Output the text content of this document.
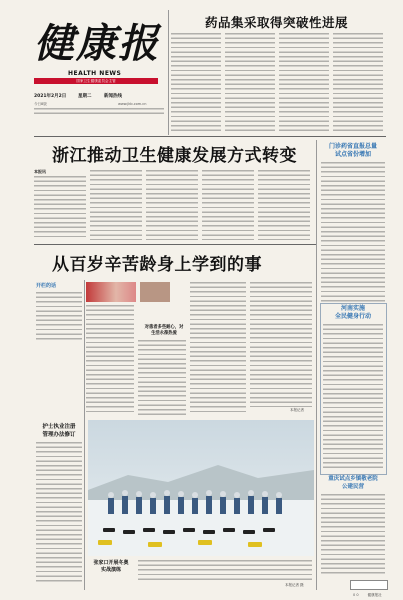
健康报
HEALTH NEWS
国家卫生健康委员会主管
2021年2月2日	星期二	新闻热线
www.jkb.com.cn
今日8版
药品集采取得突破性进展
浙江推动卫生健康发展方式转变
本报讯
门诊药省直报总量
试点省份增加
河南实施
全民健身行动
重庆试点乡镇敬老院
公建民营
0 0	健康报社
从百岁辛苦龄身上学到的事
开栏的话
对患者多些耐心，对
生活永葆热爱
本报记者
护士执业注册
管理办法修订
张家口开展冬奥
实战演练
本报记者 摄
